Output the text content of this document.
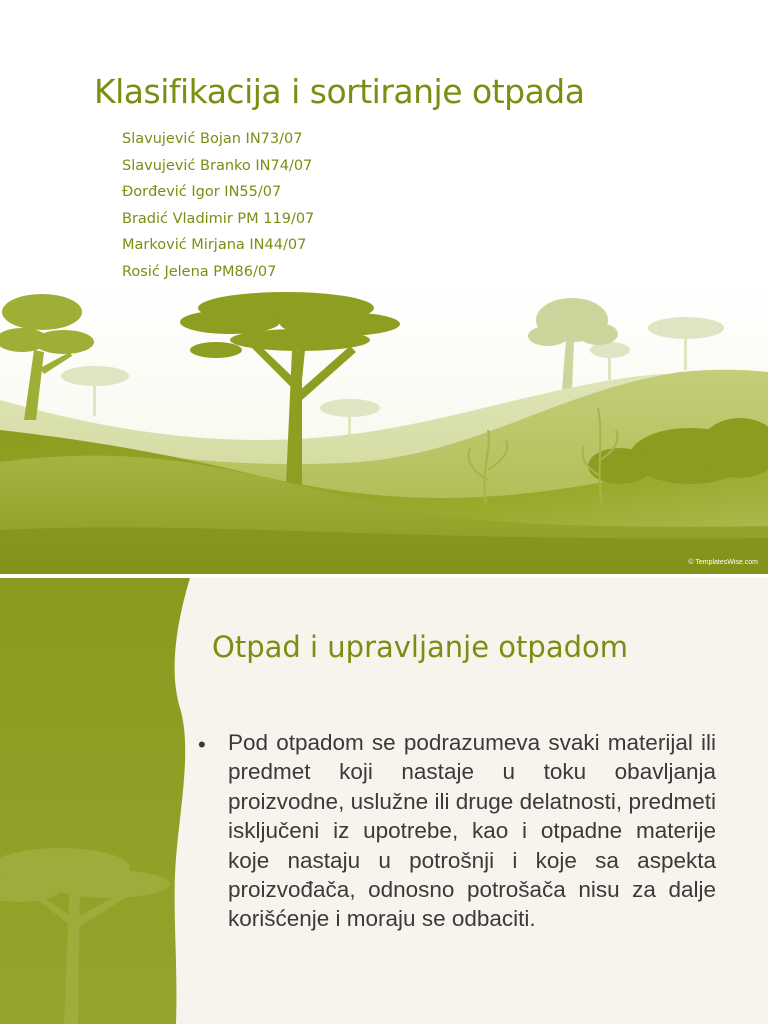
Klasifikacija i sortiranje otpada
Slavujević Bojan IN73/07
Slavujević Branko IN74/07
Đorđević Igor IN55/07
Bradić Vladimir PM 119/07
Marković Mirjana IN44/07
Rosić Jelena PM86/07
© TemplatesWise.com
Otpad i upravljanje otpadom
• Pod otpadom se podrazumeva svaki materijal ili predmet koji nastaje u toku obavljanja proizvodne, uslužne ili druge delatnosti, predmeti isključeni iz upotrebe, kao i otpadne materije koje nastaju u potrošnji i koje sa aspekta proizvođača, odnosno potrošača nisu za dalje korišćenje i moraju se odbaciti.
